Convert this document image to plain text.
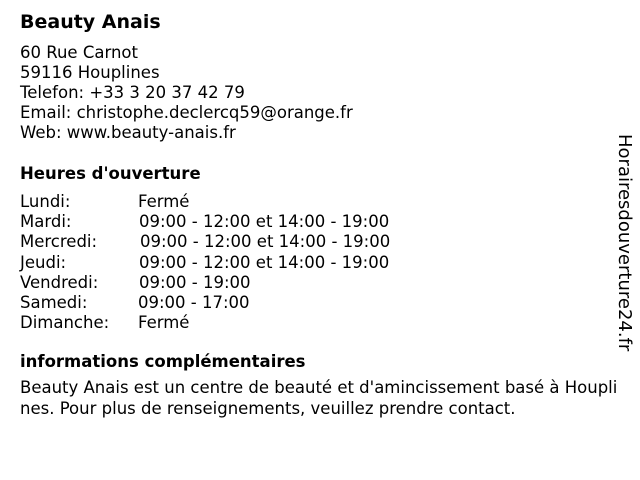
Beauty Anais
60 Rue Carnot
59116 Houplines
Telefon: +33 3 20 37 42 79
Email: christophe.declercq59@orange.fr
Web: www.beauty-anais.fr
Heures d'ouverture
Lundi:	Fermé
Mardi:	09:00 - 12:00 et 14:00 - 19:00
Mercredi:	09:00 - 12:00 et 14:00 - 19:00
Jeudi:	09:00 - 12:00 et 14:00 - 19:00
Vendredi: 09:00 - 19:00
Samedi:	09:00 - 17:00
Dimanche: Fermé
informations complémentaires
Beauty Anais est un centre de beauté et d'amincissement basé à Houplines. Pour plus de renseignements, veuillez prendre contact.
Horairesdouverture24.fr
